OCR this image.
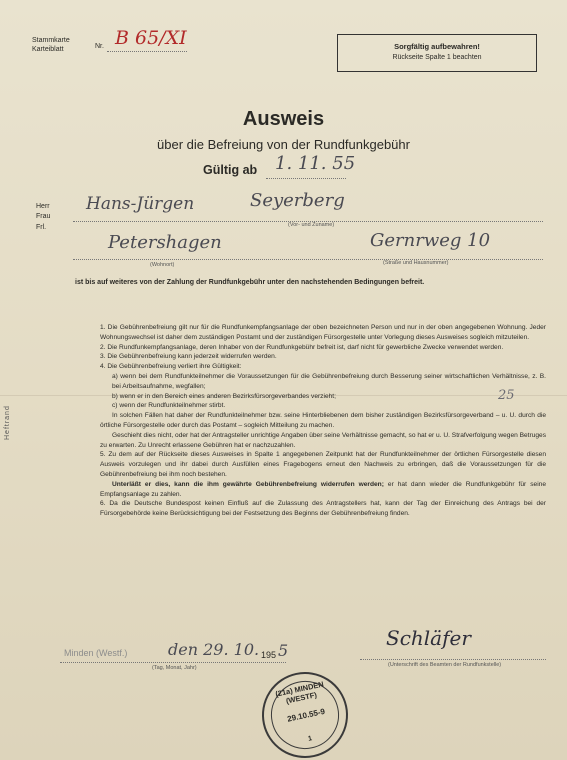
Stammkarte
Karteiblatt	Nr. B 65/XI	Sorgfältig aufbewahren!
Rückseite Spalte 1 beachten
Ausweis
über die Befreiung von der Rundfunkgebühr
Gültig ab 1. 11. 55
Herr
Frau
Frl.
Hans-Jürgen	Seyerberg
(Vor- und Zuname)
Petershagen
(Wohnort)
Gernrweg 10
(Straße und Hausnummer)
ist bis auf weiteres von der Zahlung der Rundfunkgebühr unter den nachstehenden Bedingungen befreit.

1. Die Gebührenbefreiung gilt nur für die Rundfunkempfangsanlage der oben bezeichneten Person und nur in der oben angegebenen Wohnung. Jeder Wohnungswechsel ist daher dem zuständigen Postamt und der zuständigen Fürsorgestelle unter Vorlegung dieses Ausweises sogleich mitzuteilen.

2. Die Rundfunkempfangsanlage, deren Inhaber von der Rundfunkgebühr befreit ist, darf nicht für gewerbliche Zwecke verwendet werden.

3. Die Gebührenbefreiung kann jederzeit widerrufen werden.

4. Die Gebührenbefreiung verliert ihre Gültigkeit:

a) wenn bei dem Rundfunkteilnehmer die Voraussetzungen für die Gebührenbefreiung durch Besserung seiner wirtschaftlichen Verhältnisse, z. B. bei Arbeitsaufnahme, wegfallen;

b) wenn er in den Bereich eines anderen Bezirksfürsorgeverbandes verzieht;

c) wenn der Rundfunkteilnehmer stirbt.

In solchen Fällen hat daher der Rundfunkteilnehmer bzw. seine Hinterbliebenen dem bisher zuständigen Bezirksfürsorgeverband – u. U. durch die örtliche Fürsorgestelle oder durch das Postamt – sogleich Mitteilung zu machen.

Geschieht dies nicht, oder hat der Antragsteller unrichtige Angaben über seine Verhältnisse gemacht, so hat er u. U. Strafverfolgung wegen Betruges zu erwarten. Zu Unrecht erlassene Gebühren hat er nachzuzahlen.

5. Zu dem auf der Rückseite dieses Ausweises in Spalte 1 angegebenen Zeitpunkt hat der Rundfunkteilnehmer der örtlichen Fürsorgestelle diesen Ausweis vorzulegen und ihr dabei durch Ausfüllen eines Fragebogens erneut den Nachweis zu erbringen, daß die Voraussetzungen für die Gebührenbefreiung bei ihm noch bestehen.

Unterläßt er dies, kann die ihm gewährte Gebührenbefreiung widerrufen werden; er hat dann wieder die Rundfunkgebühr für seine Empfangsanlage zu zahlen.

6. Da die Deutsche Bundespost keinen Einfluß auf die Zulassung des Antragstellers hat, kann der Tag der Einreichung des Antrags bei der Fürsorgebehörde keine Berücksichtigung bei der Festsetzung des Beginns der Gebührenbefreiung finden.

25
Heftrand
Minden (Westf.)	den 29. 10. 195 5
(Tag, Monat, Jahr)
Schläfer
(Unterschrift des Beamten der Rundfunkstelle)
(21a) MINDEN (WESTF)
29.10.55-9
1
